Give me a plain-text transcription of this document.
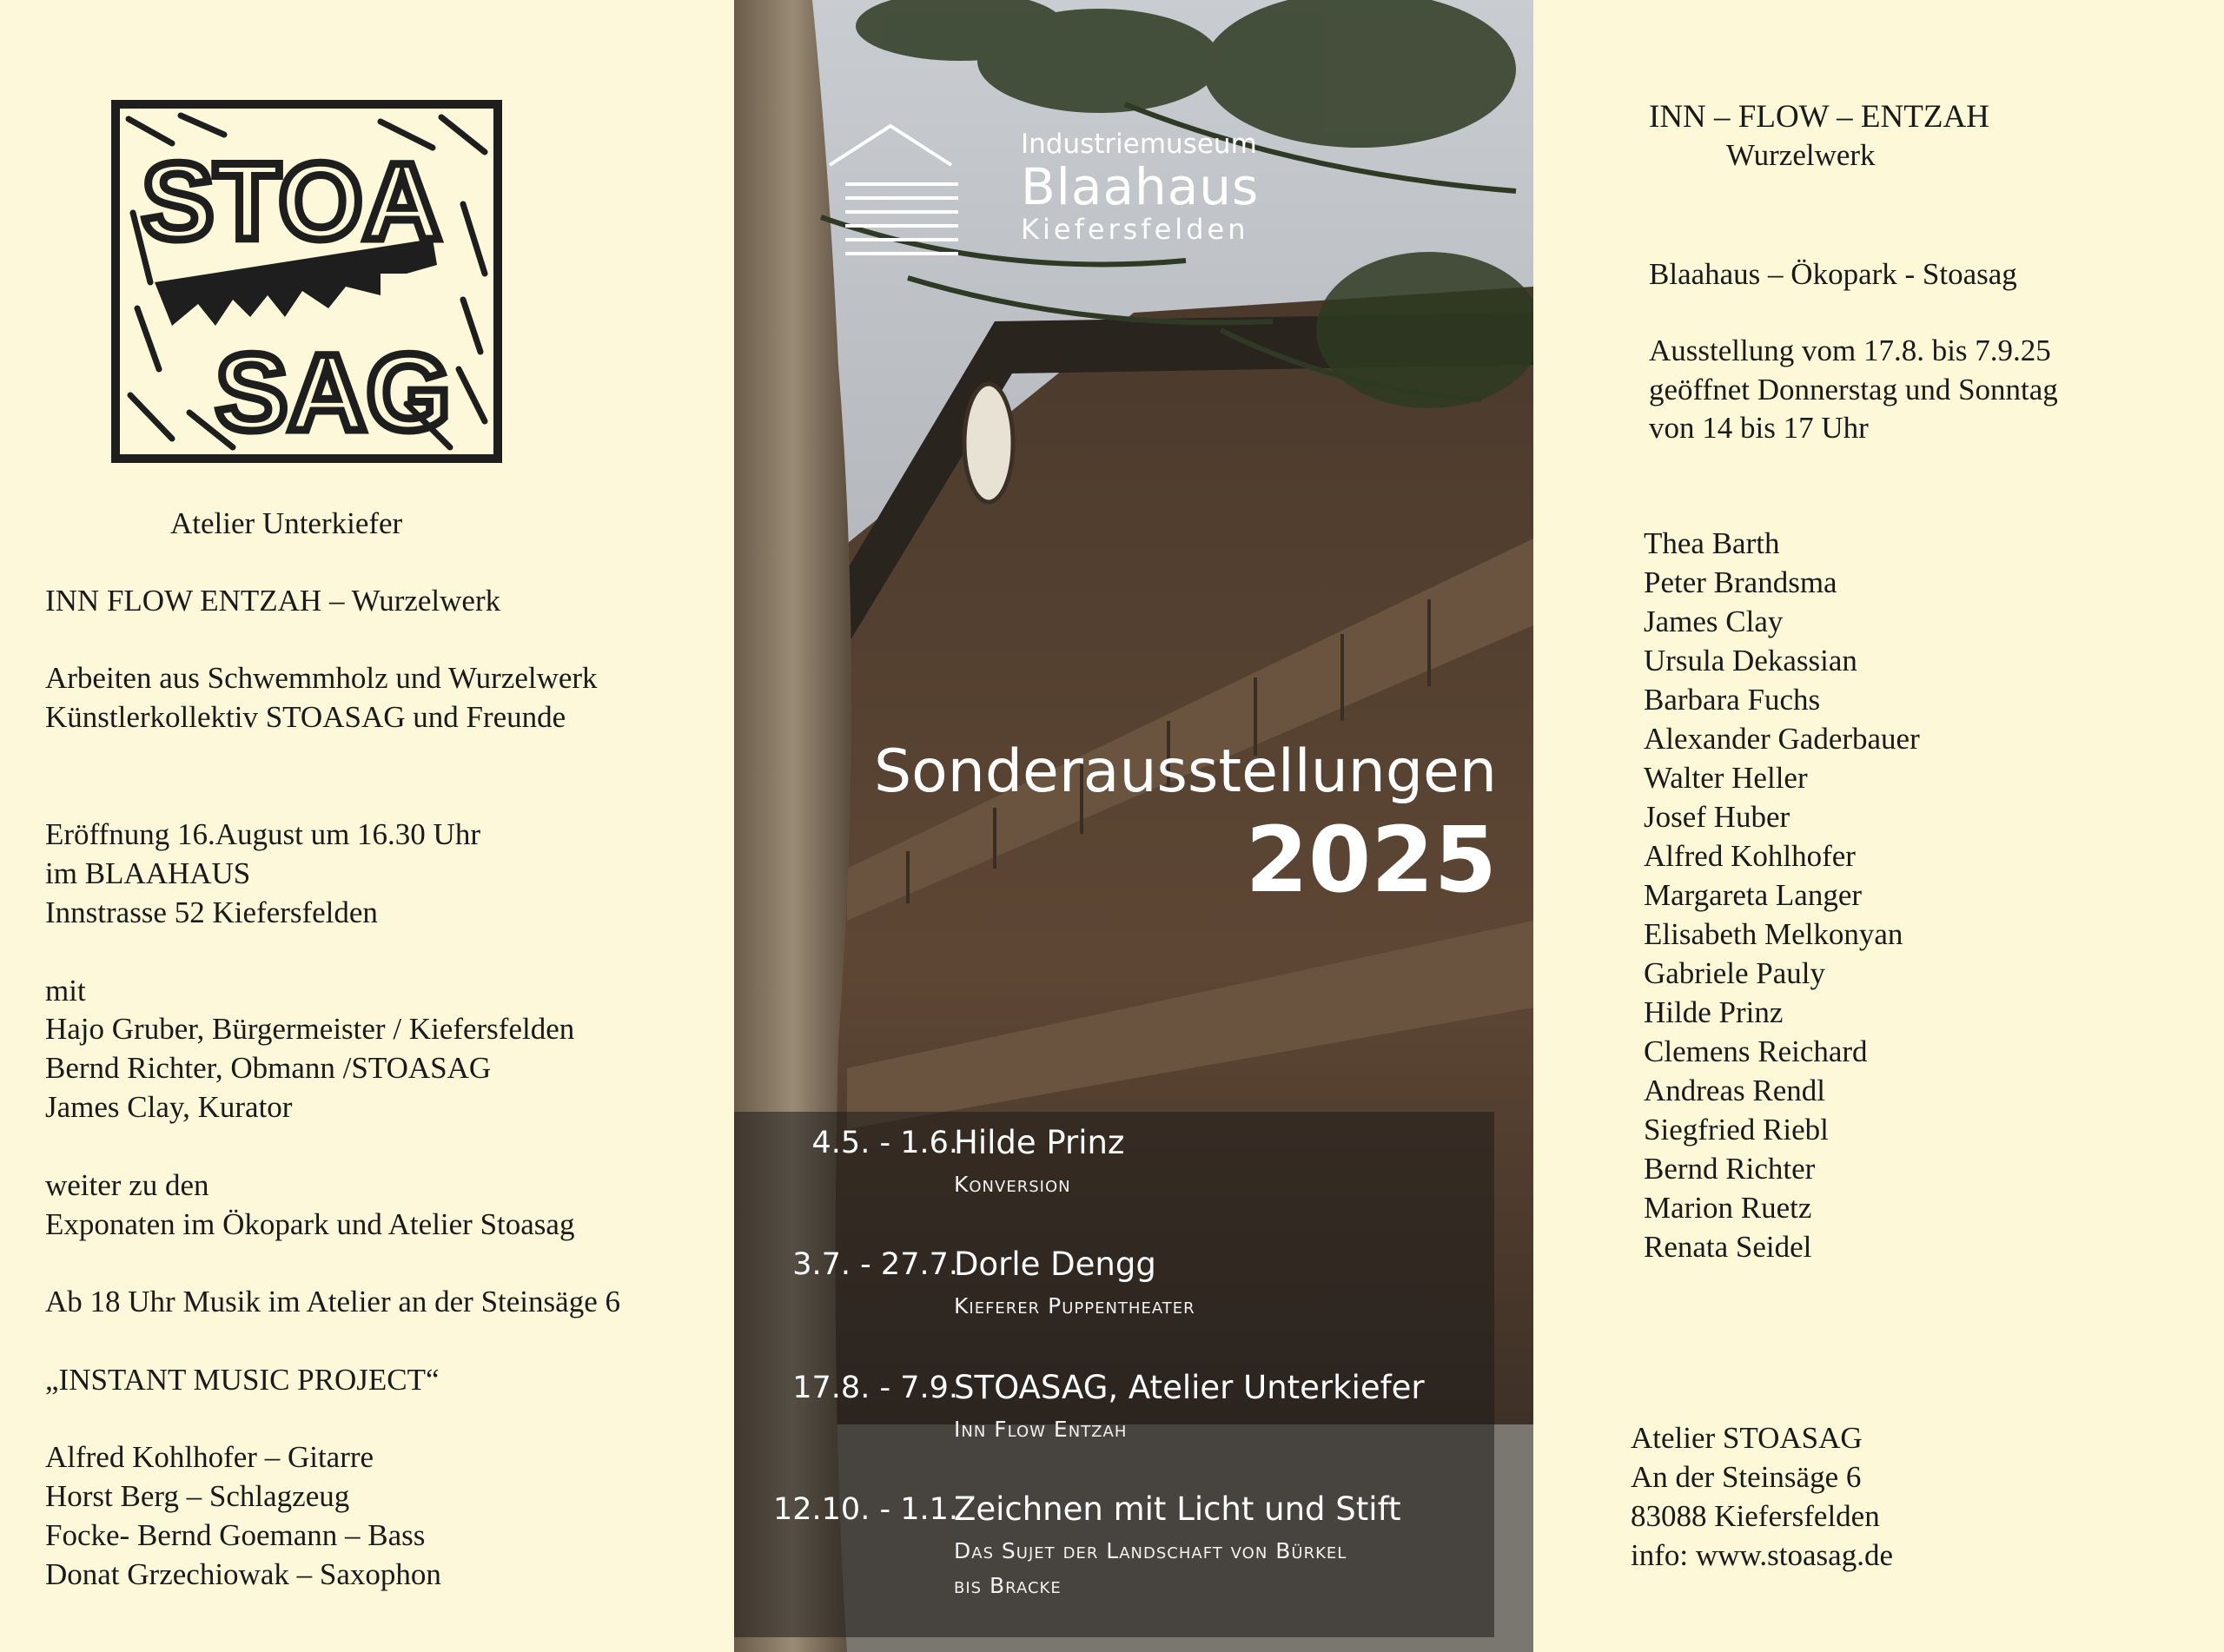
STOA
SAG
Atelier Unterkiefer
INN FLOW ENTZAH – Wurzelwerk
Arbeiten aus Schwemmholz und Wurzelwerk
Künstlerkollektiv STOASAG und Freunde
Eröffnung 16.August um 16.30 Uhr
im BLAAHAUS
Innstrasse 52 Kiefersfelden
mit
Hajo Gruber, Bürgermeister / Kiefersfelden
Bernd Richter, Obmann /STOASAG
James Clay, Kurator
weiter zu den
Exponaten im Ökopark und Atelier Stoasag
Ab 18 Uhr Musik im Atelier an der Steinsäge 6
„INSTANT MUSIC PROJECT“
Alfred Kohlhofer – Gitarre
Horst Berg – Schlagzeug
Focke- Bernd Goemann – Bass
Donat Grzechiowak – Saxophon
Industriemuseum
Blaahaus
Kiefersfelden
Sonderausstellungen
2025
4.5. - 1.6.
Hilde Prinz
Konversion
3.7. - 27.7.
Dorle Dengg
Kieferer Puppentheater
17.8. - 7.9.
STOASAG, Atelier Unterkiefer
Inn Flow Entzah
12.10. - 1.1.
Zeichnen mit Licht und Stift
Das Sujet der Landschaft von Bürkel
bis Bracke
INN – FLOW – ENTZAH
Wurzelwerk
Blaahaus – Ökopark - Stoasag
Ausstellung vom 17.8. bis 7.9.25
geöffnet Donnerstag und Sonntag
von 14 bis 17 Uhr
Thea Barth
Peter Brandsma
James Clay
Ursula Dekassian
Barbara Fuchs
Alexander Gaderbauer
Walter Heller
Josef Huber
Alfred Kohlhofer
Margareta Langer
Elisabeth Melkonyan
Gabriele Pauly
Hilde Prinz
Clemens Reichard
Andreas Rendl
Siegfried Riebl
Bernd Richter
Marion Ruetz
Renata Seidel
Atelier STOASAG
An der Steinsäge 6
83088 Kiefersfelden
info: www.stoasag.de
